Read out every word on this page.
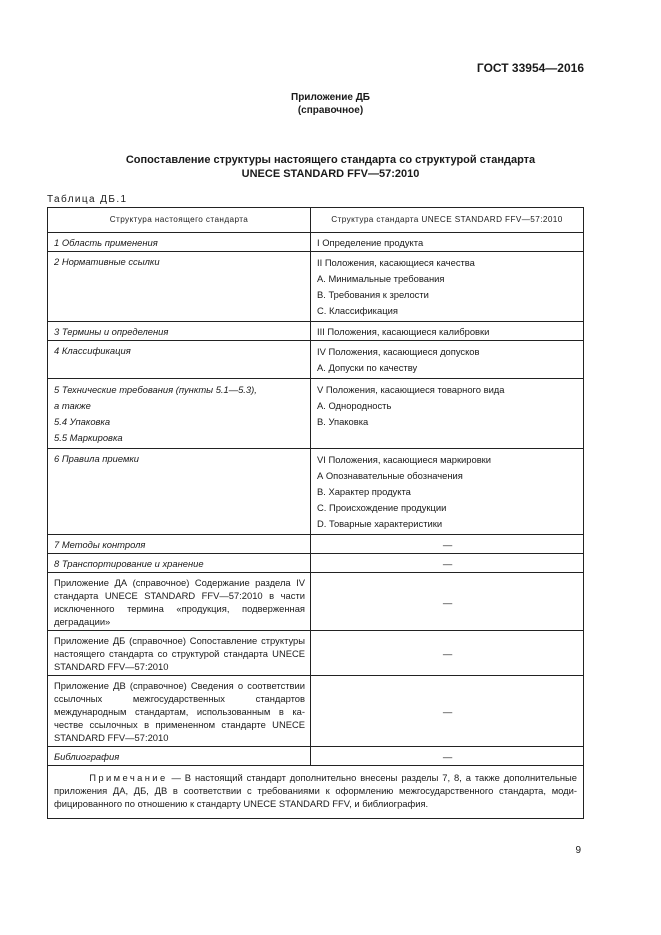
ГОСТ 33954—2016
Приложение ДБ
(справочное)
Сопоставление структуры настоящего стандарта со структурой стандарта
UNECE STANDARD FFV—57:2010
Таблица ДБ.1
Структура настоящего стандарта	Структура стандарта UNECE STANDARD FFV—57:2010
1 Область применения	I Определение продукта
2 Нормативные ссылки	II Положения, касающиеся качества
А. Минимальные требования
В. Требования к зрелости
С. Классификация

3 Термины и определения	III Положения, касающиеся калибровки
4 Классификация	IV Положения, касающиеся допусков
А. Допуски по качеству

5 Технические требования (пункты 5.1—5.3),
а также
5.4 Упаковка
5.5 Маркировка	V Положения, касающиеся товарного вида
А. Однородность
В. Упаковка

6 Правила приемки	VI Положения, касающиеся маркировки
А Опознавательные обозначения
В. Характер продукта
С. Происхождение продукции
D. Товарные характеристики

7 Методы контроля	—
8 Транспортирование и хранение	—
Приложение ДА (справочное) Содержание раздела IV стандарта UNECE STANDARD FFV—57:2010 в части исключенного термина «продукция, подверженная деградации»	—
Приложение ДБ (справочное) Сопоставление структуры настоящего стандарта со структурой стандарта UNECE STANDARD FFV—57:2010	—
Приложение ДВ (справочное) Сведения о соответствии ссылочных межгосударственных стандартов международным стандартам, использованным в качестве ссылочных в примененном стандарте UNECE STANDARD FFV—57:2010	—
Библиография	—
Примечание — В настоящий стандарт дополнительно внесены разделы 7, 8, а также дополнительные приложения ДА, ДБ, ДВ в соответствии с требованиями к оформлению межгосударственного стандарта, модифицированного по отношению к стандарту UNECE STANDARD FFV, и библиография.	
9
